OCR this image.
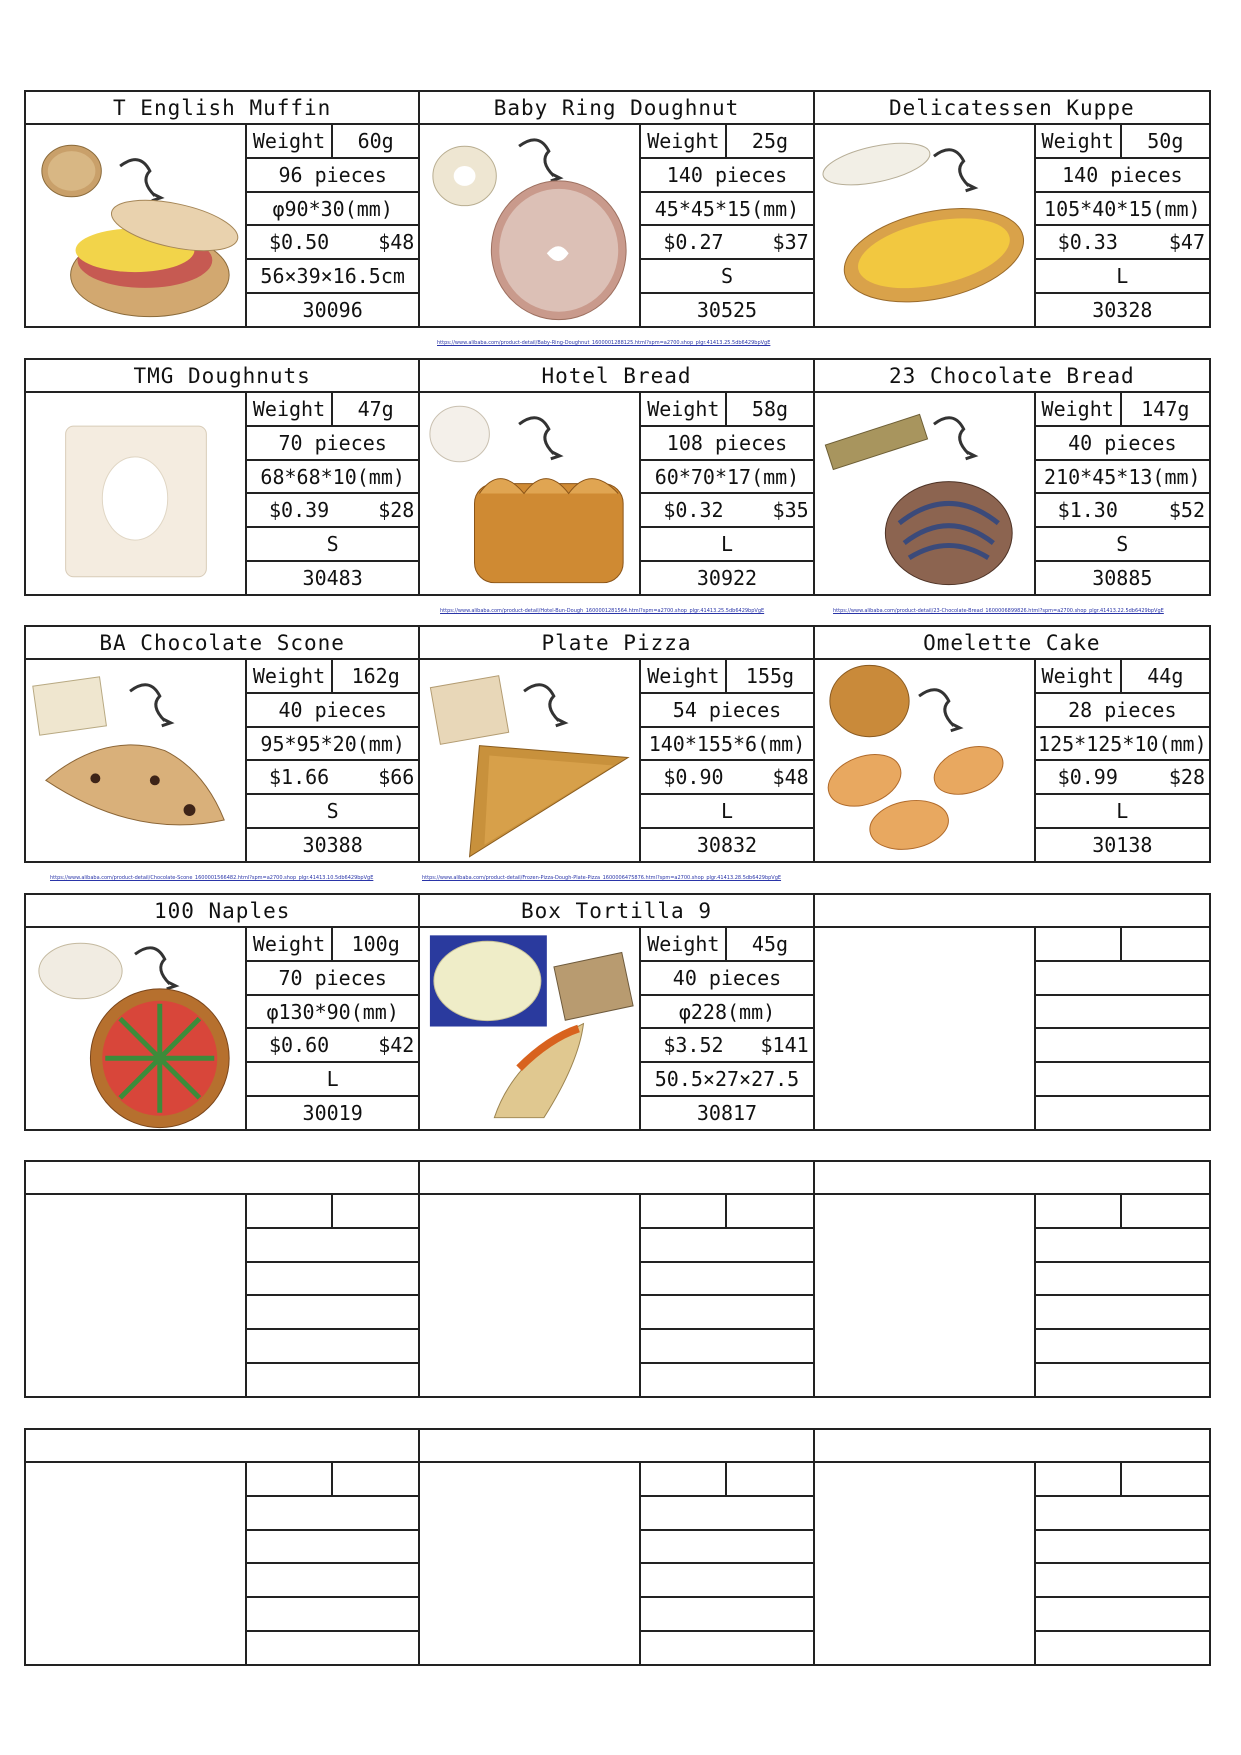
T English Muffin
Weight	60g
96 pieces
φ90*30(mm)
$0.50 $48
56×39×16.5cm
30096
Baby Ring Doughnut
Weight	25g
140 pieces
45*45*15(mm)
$0.27 $37
S
30525
Delicatessen Kuppe
Weight	50g
140 pieces
105*40*15(mm)
$0.33	$47
L
30328
https://www.alibaba.com/product-detail/Baby-Ring-Doughnut_1600001288125.html?spm=a2700.shop_plgr.41413.25.5db6429bpVgE
TMG Doughnuts
Weight	47g
70 pieces
68*68*10(mm)
$0.39 $28
S
30483
Hotel Bread
Weight	58g
108 pieces
60*70*17(mm)
$0.32 $35
L
30922
23 Chocolate Bread
Weight	147g
40 pieces
210*45*13(mm)
$1.30	$52
S
30885
https://www.alibaba.com/product-detail/Hotel-Bun-Dough_1600001281564.html?spm=a2700.shop_plgr.41413.25.5db6429bpVgE	https://www.alibaba.com/product-detail/23-Chocolate-Bread_1600006899826.html?spm=a2700.shop_plgr.41413.22.5db6429bpVgE
BA Chocolate Scone
Weight	162g
40 pieces
95*95*20(mm)
$1.66 $66
S
30388
Plate Pizza
Weight	155g
54 pieces
140*155*6(mm)
$0.90 $48
L
30832
Omelette Cake
Weight	44g
28 pieces
125*125*10(mm)
$0.99	$28
L
30138
https://www.alibaba.com/product-detail/Chocolate-Scone_1600001566482.html?spm=a2700.shop_plgr.41413.10.5db6429bpVgE	https://www.alibaba.com/product-detail/Frozen-Pizza-Dough-Plate-Pizza_1600006475876.html?spm=a2700.shop_plgr.41413.28.5db6429bpVgE
100 Naples
Weight	100g
70 pieces
φ130*90(mm)
$0.60 $42
L
30019
Box Tortilla 9
Weight	45g
40 pieces
φ228(mm)
$3.52 $141
50.5×27×27.5
30817
